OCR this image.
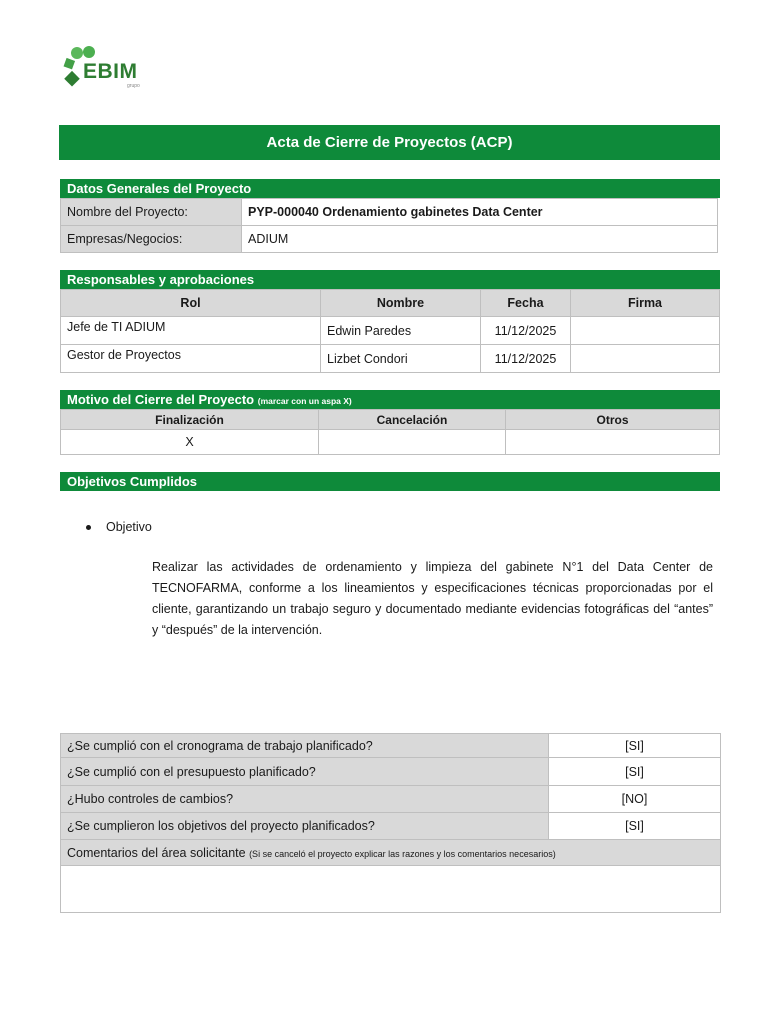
EBIM
grupo
Acta de Cierre de Proyectos (ACP)
Datos Generales del Proyecto
Nombre del Proyecto:	PYP-000040 Ordenamiento gabinetes Data Center
Empresas/Negocios:	ADIUM
Responsables y aprobaciones
Rol	Nombre	Fecha	Firma
Jefe de TI ADIUM	Edwin Paredes	11/12/2025	
Gestor de Proyectos	Lizbet Condori	11/12/2025	
Motivo del Cierre del Proyecto (marcar con un aspa X)
Finalización	Cancelación	Otros
X		
Objetivos Cumplidos
Objetivo
Realizar las actividades de ordenamiento y limpieza del gabinete N°1 del Data Center de TECNOFARMA, conforme a los lineamientos y especificaciones técnicas proporcionadas por el cliente, garantizando un trabajo seguro y documentado mediante evidencias fotográficas del “antes” y “después” de la intervención.
¿Se cumplió con el cronograma de trabajo planificado?	[SI]
¿Se cumplió con el presupuesto planificado?	[SI]
¿Hubo controles de cambios?	[NO]
¿Se cumplieron los objetivos del proyecto planificados?	[SI]
Comentarios del área solicitante (Si se canceló el proyecto explicar las razones y los comentarios necesarios)	
